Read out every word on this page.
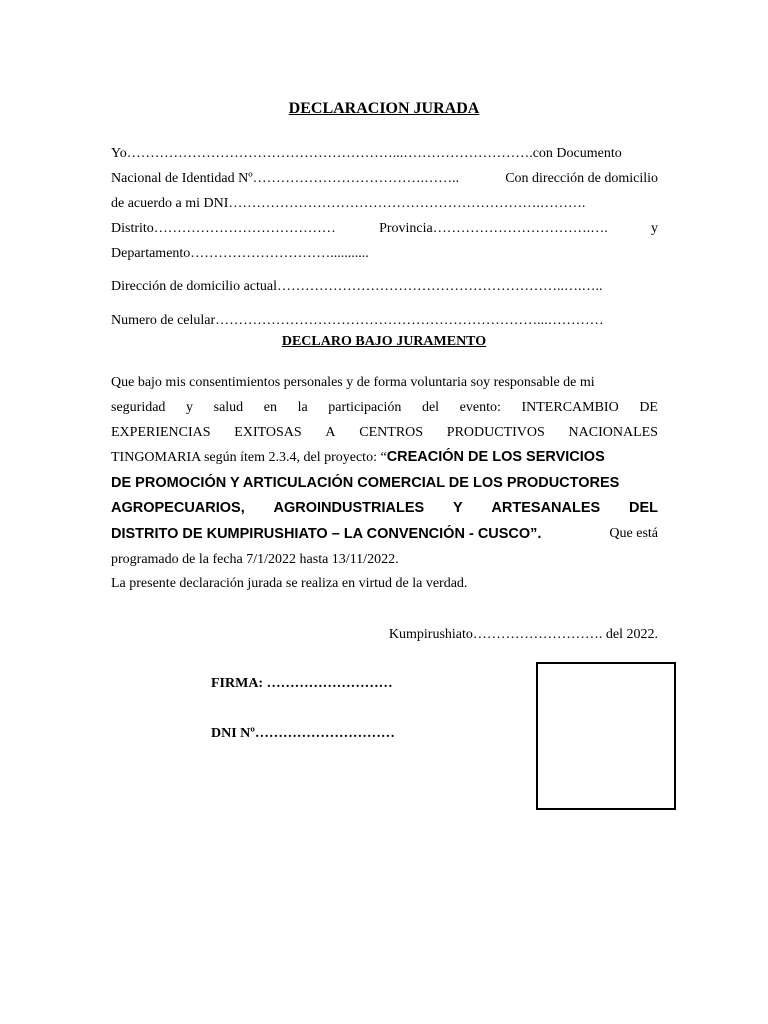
DECLARACION JURADA
Yo…………………………………………………...……………………….con Documento
Nacional de Identidad Nº……………………………….……..	Con dirección de domicilio
de acuerdo a mi DNI………………………………………………………….……….
Distrito…………………………………	Provincia…………………………….….	y
Departamento…………………………...........
Dirección de domicilio actual……………………………………………………..….…..
Numero de celular……………………………………………………………...…………
DECLARO BAJO JURAMENTO
Que bajo mis consentimientos personales y de forma voluntaria soy responsable de mi
seguridad y salud en la participación del evento: INTERCAMBIO DE
EXPERIENCIAS EXITOSAS A CENTROS PRODUCTIVOS NACIONALES
TINGOMARIA según ítem 2.3.4, del proyecto: “CREACIÓN DE LOS SERVICIOS
DE PROMOCIÓN Y ARTICULACIÓN COMERCIAL DE LOS PRODUCTORES
AGROPECUARIOS, AGROINDUSTRIALES Y ARTESANALES DEL
DISTRITO DE KUMPIRUSHIATO – LA CONVENCIÓN - CUSCO”.	Que está
programado de la fecha 7/1/2022 hasta 13/11/2022.
La presente declaración jurada se realiza en virtud de la verdad.
Kumpirushiato………………………. del 2022.
FIRMA: ………………………
DNI Nº…………………………
